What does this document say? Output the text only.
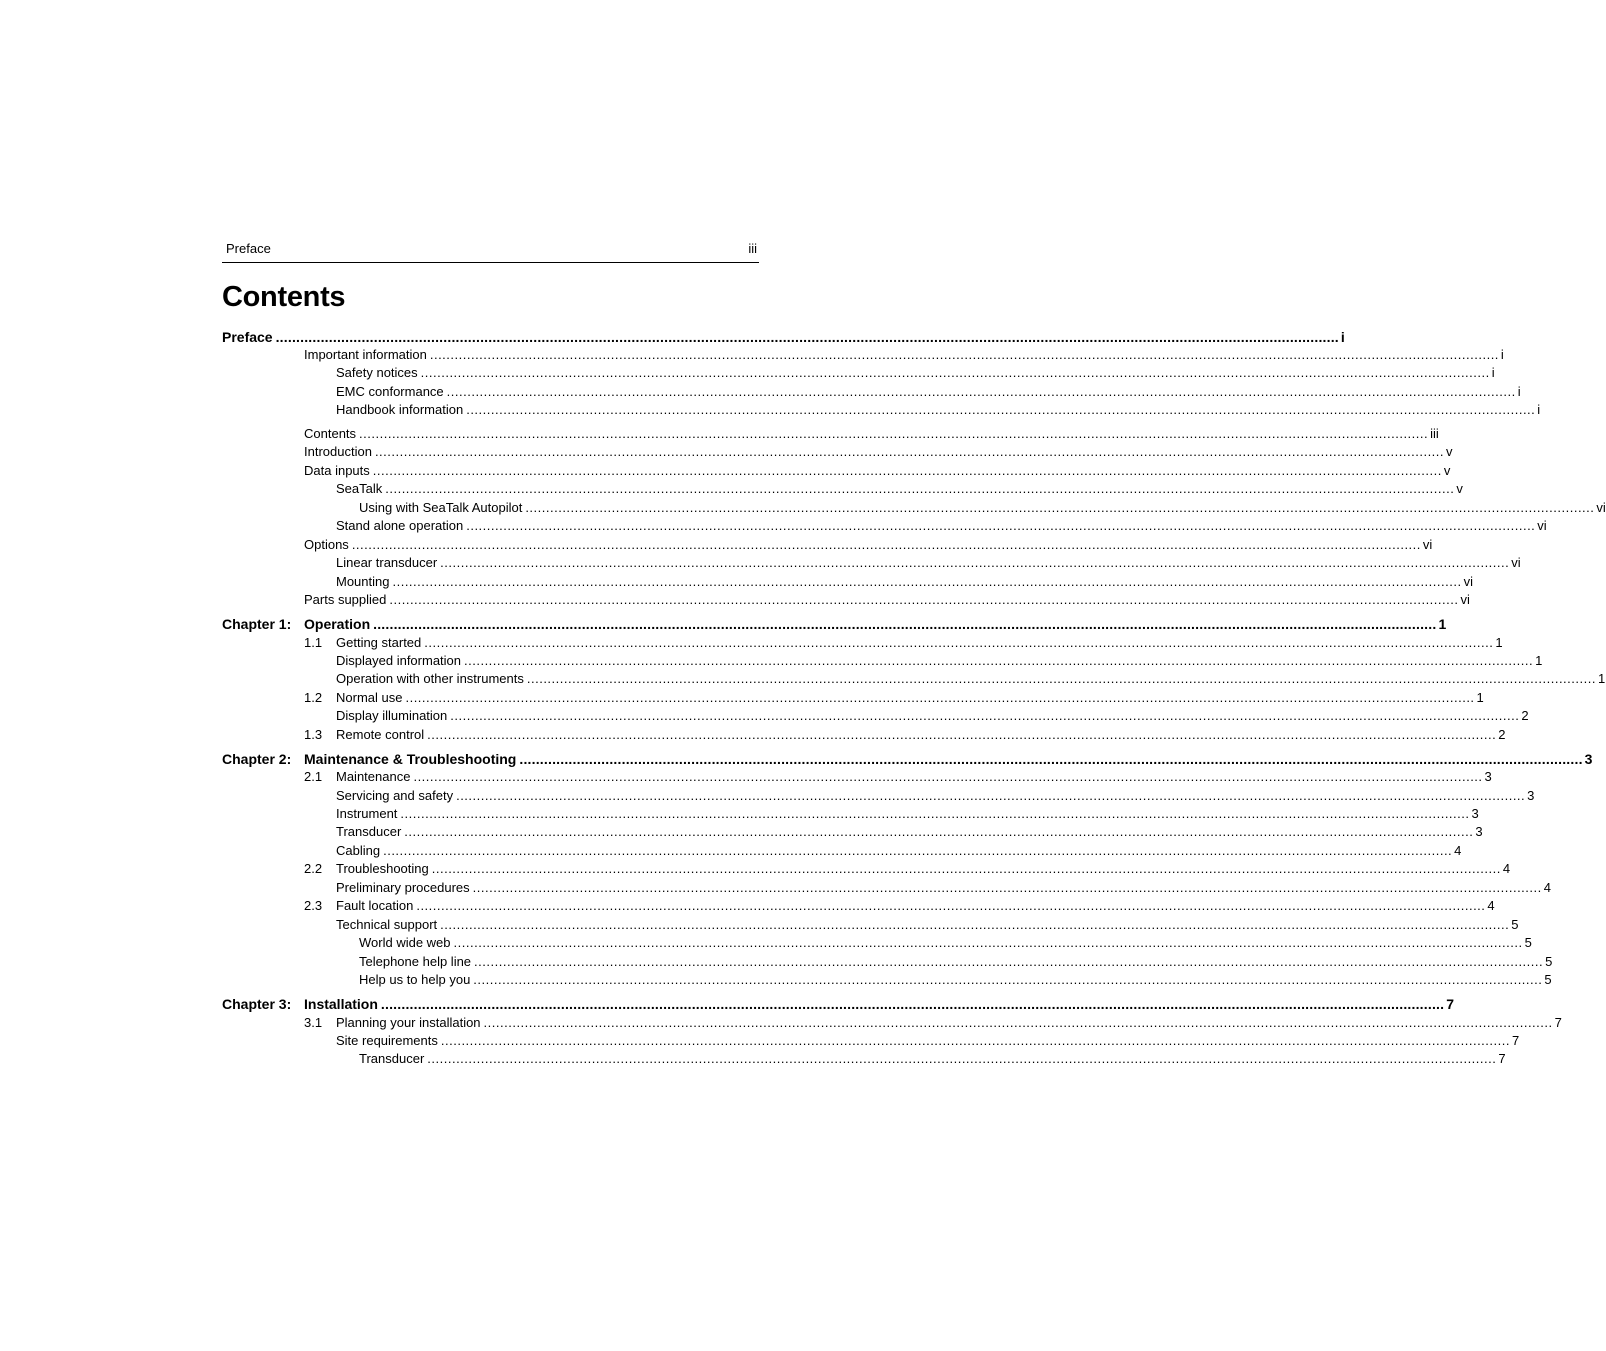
Preface	iii
Contents
Preface .................................................................................................................................................................................................................................................................... i
Important information .................................................................................................................................................................................................................................................................... i
Safety notices .................................................................................................................................................................................................................................................................... i
EMC conformance .................................................................................................................................................................................................................................................................... i
Handbook information .................................................................................................................................................................................................................................................................... i
Contents .................................................................................................................................................................................................................................................................... iii
Introduction .................................................................................................................................................................................................................................................................... v
Data inputs .................................................................................................................................................................................................................................................................... v
SeaTalk .................................................................................................................................................................................................................................................................... v
Using with SeaTalk Autopilot .................................................................................................................................................................................................................................................................... vi
Stand alone operation .................................................................................................................................................................................................................................................................... vi
Options .................................................................................................................................................................................................................................................................... vi
Linear transducer .................................................................................................................................................................................................................................................................... vi
Mounting .................................................................................................................................................................................................................................................................... vi
Parts supplied .................................................................................................................................................................................................................................................................... vi
Chapter 1: Operation .................................................................................................................................................................................................................................................................... 1
1.1 Getting started .................................................................................................................................................................................................................................................................... 1
Displayed information .................................................................................................................................................................................................................................................................... 1
Operation with other instruments .................................................................................................................................................................................................................................................................... 1
1.2 Normal use .................................................................................................................................................................................................................................................................... 1
Display illumination .................................................................................................................................................................................................................................................................... 2
1.3 Remote control .................................................................................................................................................................................................................................................................... 2
Chapter 2: Maintenance & Troubleshooting .................................................................................................................................................................................................................................................................... 3
2.1 Maintenance .................................................................................................................................................................................................................................................................... 3
Servicing and safety .................................................................................................................................................................................................................................................................... 3
Instrument .................................................................................................................................................................................................................................................................... 3
Transducer .................................................................................................................................................................................................................................................................... 3
Cabling .................................................................................................................................................................................................................................................................... 4
2.2 Troubleshooting .................................................................................................................................................................................................................................................................... 4
Preliminary procedures .................................................................................................................................................................................................................................................................... 4
2.3 Fault location .................................................................................................................................................................................................................................................................... 4
Technical support .................................................................................................................................................................................................................................................................... 5
World wide web .................................................................................................................................................................................................................................................................... 5
Telephone help line .................................................................................................................................................................................................................................................................... 5
Help us to help you .................................................................................................................................................................................................................................................................... 5
Chapter 3: Installation .................................................................................................................................................................................................................................................................... 7
3.1 Planning your installation .................................................................................................................................................................................................................................................................... 7
Site requirements .................................................................................................................................................................................................................................................................... 7
Transducer .................................................................................................................................................................................................................................................................... 7
